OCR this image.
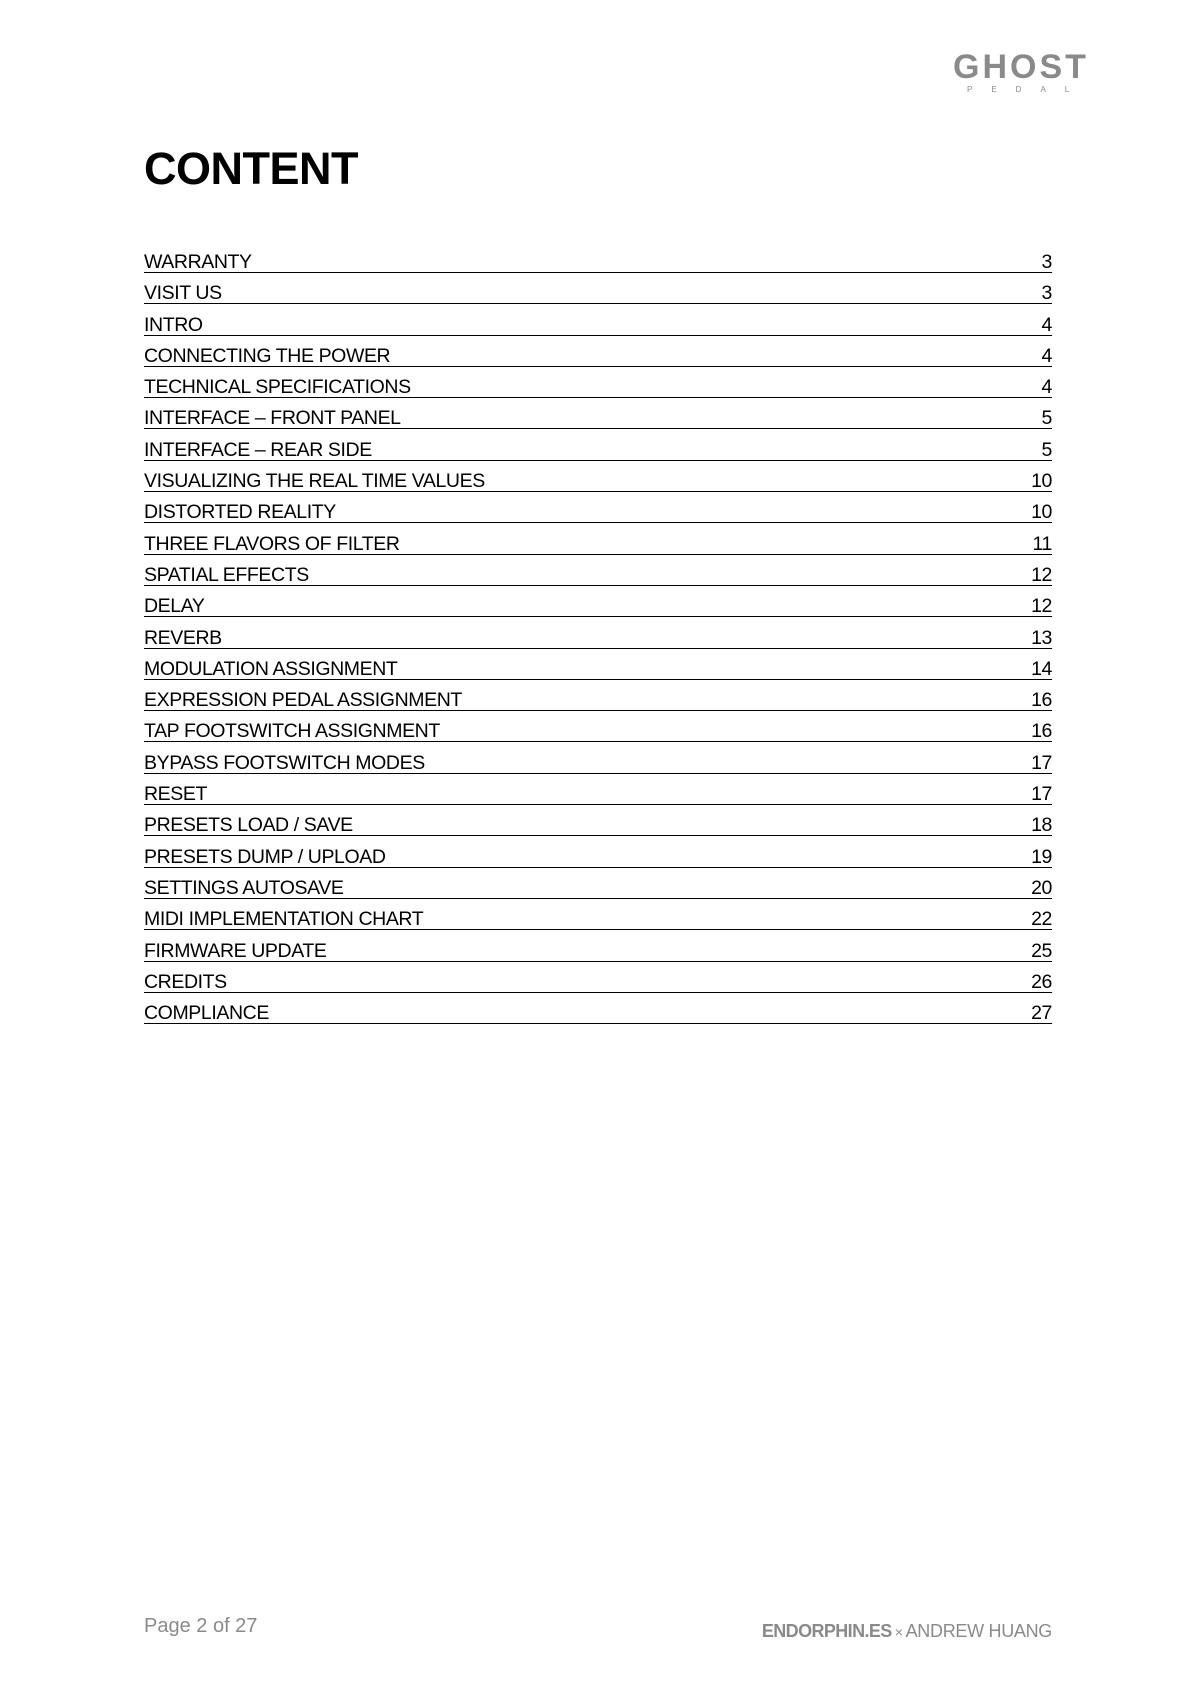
GHOST
PEDAL
CONTENT
WARRANTY	3
VISIT US	3
INTRO	4
CONNECTING THE POWER	4
TECHNICAL SPECIFICATIONS	4
INTERFACE – FRONT PANEL	5
INTERFACE – REAR SIDE	5
VISUALIZING THE REAL TIME VALUES	10
DISTORTED REALITY	10
THREE FLAVORS OF FILTER	11
SPATIAL EFFECTS	12
DELAY	12
REVERB	13
MODULATION ASSIGNMENT	14
EXPRESSION PEDAL ASSIGNMENT	16
TAP FOOTSWITCH ASSIGNMENT	16
BYPASS FOOTSWITCH MODES	17
RESET	17
PRESETS LOAD / SAVE	18
PRESETS DUMP / UPLOAD	19
SETTINGS AUTOSAVE	20
MIDI IMPLEMENTATION CHART	22
FIRMWARE UPDATE	25
CREDITS	26
COMPLIANCE	27
Page 2 of 27	ENDORPHIN.ES × ANDREW HUANG
